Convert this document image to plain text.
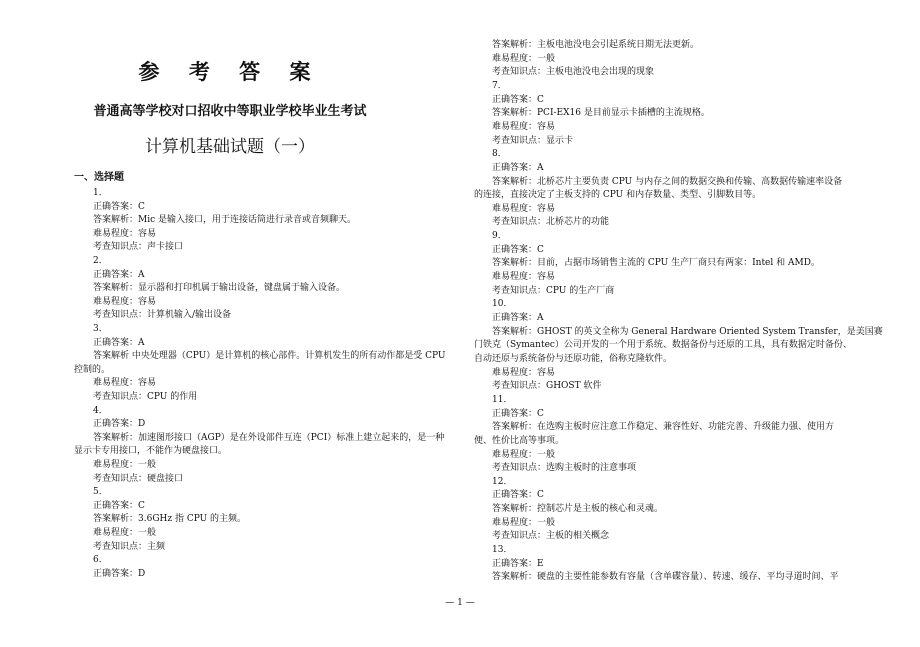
参 考 答 案
普通高等学校对口招收中等职业学校毕业生考试
计算机基础试题（一）
一、选择题
1．
正确答案：C
答案解析：Mic 是输入接口，用于连接话筒进行录音或音频聊天。
难易程度：容易
考查知识点：声卡接口
2．
正确答案：A
答案解析：显示器和打印机属于输出设备，键盘属于输入设备。
难易程度：容易
考查知识点：计算机输入/输出设备
3．
正确答案：A
答案解析 中央处理器（CPU）是计算机的核心部件。计算机发生的所有动作都是受 CPU
控制的。
难易程度：容易
考查知识点：CPU 的作用
4．
正确答案：D
答案解析：加速图形接口（AGP）是在外设部件互连（PCI）标准上建立起来的，是一种
显示卡专用接口，不能作为硬盘接口。
难易程度：一般
考查知识点：硬盘接口
5．
正确答案：C
答案解析：3.6GHz 指 CPU 的主频。
难易程度：一般
考查知识点：主频
6．
正确答案：D
答案解析：主板电池没电会引起系统日期无法更新。
难易程度：一般
考查知识点：主板电池没电会出现的现象
7．
正确答案：C
答案解析：PCI-EX16 是目前显示卡插槽的主流规格。
难易程度：容易
考查知识点：显示卡
8．
正确答案：A
答案解析：北桥芯片主要负责 CPU 与内存之间的数据交换和传输、高数据传输速率设备
的连接，直接决定了主板支持的 CPU 和内存数量、类型、引脚数目等。
难易程度：容易
考查知识点：北桥芯片的功能
9．
正确答案：C
答案解析：目前，占据市场销售主流的 CPU 生产厂商只有两家：Intel 和 AMD。
难易程度：容易
考查知识点：CPU 的生产厂商
10．
正确答案：A
答案解析：GHOST 的英文全称为 General Hardware Oriented System Transfer，是美国赛
门铁克（Symantec）公司开发的一个用于系统、数据备份与还原的工具，具有数据定时备份、
自动还原与系统备份与还原功能，俗称克隆软件。
难易程度：容易
考查知识点：GHOST 软件
11．
正确答案：C
答案解析：在选购主板时应注意工作稳定、兼容性好、功能完善、升级能力强、使用方
便、性价比高等事项。
难易程度：一般
考查知识点：选购主板时的注意事项
12．
正确答案：C
答案解析：控制芯片是主板的核心和灵魂。
难易程度：一般
考查知识点：主板的相关概念
13．
正确答案：E
答案解析：硬盘的主要性能参数有容量（含单碟容量）、转速、缓存、平均寻道时间、平
— 1 —
